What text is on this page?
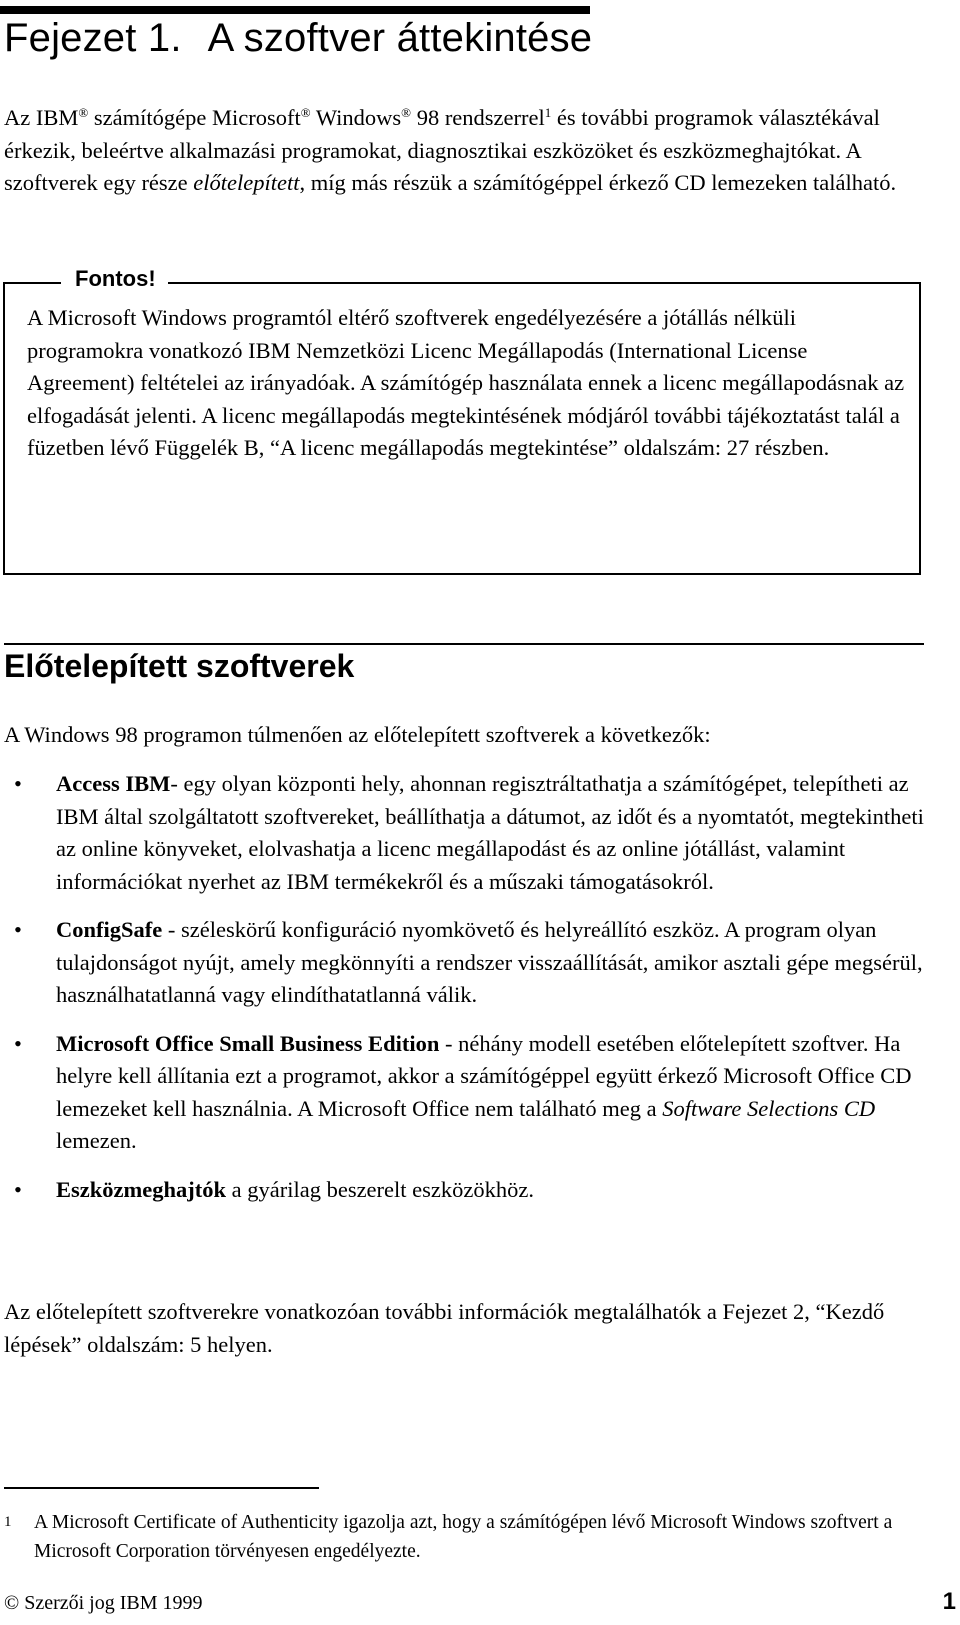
Fejezet 1. A szoftver áttekintése

Az IBM® számítógépe Microsoft® Windows® 98 rendszerrel$^1$ és további programok választékával érkezik, beleértve alkalmazási programokat, diagnosztikai eszközöket és eszközmeghajtókat. A szoftverek egy része előtelepített, míg más részük a számítógéppel érkező CD lemezeken található.

Fontos!

A Microsoft Windows programtól eltérő szoftverek engedélyezésére a jótállás nélküli programokra vonatkozó IBM Nemzetközi Licenc Megállapodás (International License Agreement) feltételei az irányadóak. A számítógép használata ennek a licenc megállapodásnak az elfogadását jelenti. A licenc megállapodás megtekintésének módjáról további tájékoztatást talál a füzetben lévő Függelék B, “A licenc megállapodás megtekintése” oldalszám: 27 részben.

Előtelepített szoftverek

A Windows 98 programon túlmenően az előtelepített szoftverek a következők:

• Access IBM- egy olyan központi hely, ahonnan regisztráltathatja a számítógépet, telepítheti az IBM által szolgáltatott szoftvereket, beállíthatja a dátumot, az időt és a nyomtatót, megtekintheti az online könyveket, elolvashatja a licenc megállapodást és az online jótállást, valamint információkat nyerhet az IBM termékekről és a műszaki támogatásokról.
• ConfigSafe - széleskörű konfiguráció nyomkövető és helyreállító eszköz. A program olyan tulajdonságot nyújt, amely megkönnyíti a rendszer visszaállítását, amikor asztali gépe megsérül, használhatatlanná vagy elindíthatatlanná válik.
• Microsoft Office Small Business Edition - néhány modell esetében előtelepített szoftver. Ha helyre kell állítania ezt a programot, akkor a számítógéppel együtt érkező Microsoft Office CD lemezeket kell használnia. A Microsoft Office nem található meg a Software Selections CD lemezen.
• Eszközmeghajtók a gyárilag beszerelt eszközökhöz.

Az előtelepített szoftverekre vonatkozóan további információk megtalálhatók a Fejezet 2, “Kezdő lépések” oldalszám: 5 helyen.

1	A Microsoft Certificate of Authenticity igazolja azt, hogy a számítógépen lévő Microsoft Windows szoftvert a Microsoft Corporation törvényesen engedélyezte.

© Szerzői jog IBM 1999	1
